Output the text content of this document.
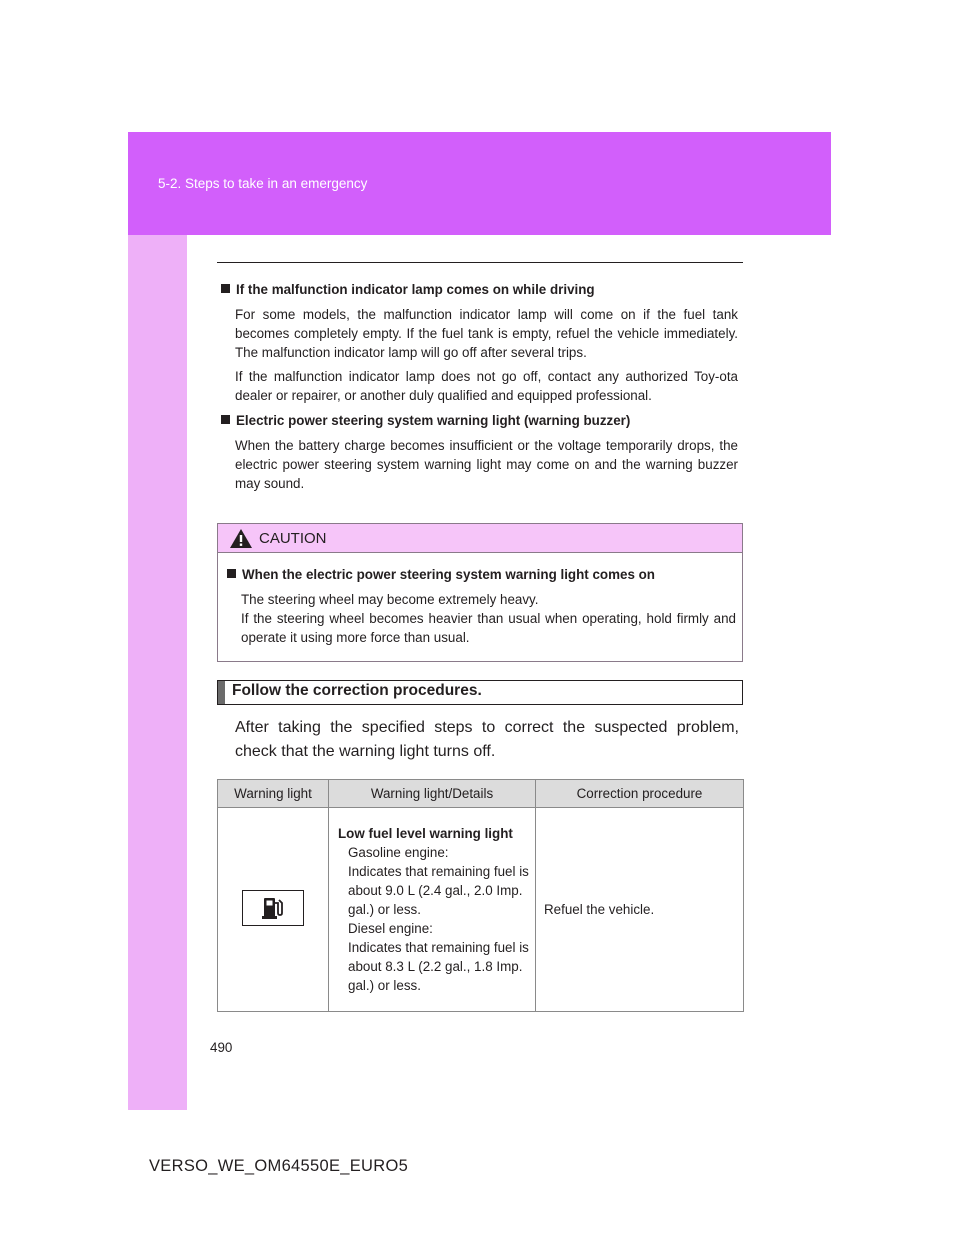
5-2. Steps to take in an emergency
If the malfunction indicator lamp comes on while driving
For some models, the malfunction indicator lamp will come on if the fuel tank becomes completely empty. If the fuel tank is empty, refuel the vehicle immediately. The malfunction indicator lamp will go off after several trips.
If the malfunction indicator lamp does not go off, contact any authorized Toy-ota dealer or repairer, or another duly qualified and equipped professional.
Electric power steering system warning light (warning buzzer)
When the battery charge becomes insufficient or the voltage temporarily drops, the electric power steering system warning light may come on and the warning buzzer may sound.
CAUTION
When the electric power steering system warning light comes on
The steering wheel may become extremely heavy.
If the steering wheel becomes heavier than usual when operating, hold firmly and operate it using more force than usual.
Follow the correction procedures.
After taking the specified steps to correct the suspected problem, check that the warning light turns off.
Warning light	Warning light/Details	Correction procedure

Low fuel level warning light
Gasoline engine:
Indicates that remaining fuel is about 9.0 L (2.4 gal., 2.0 Imp. gal.) or less.
Diesel engine:
Indicates that remaining fuel is about 8.3 L (2.2 gal., 1.8 Imp. gal.) or less.	Refuel the vehicle.
490
VERSO_WE_OM64550E_EURO5
